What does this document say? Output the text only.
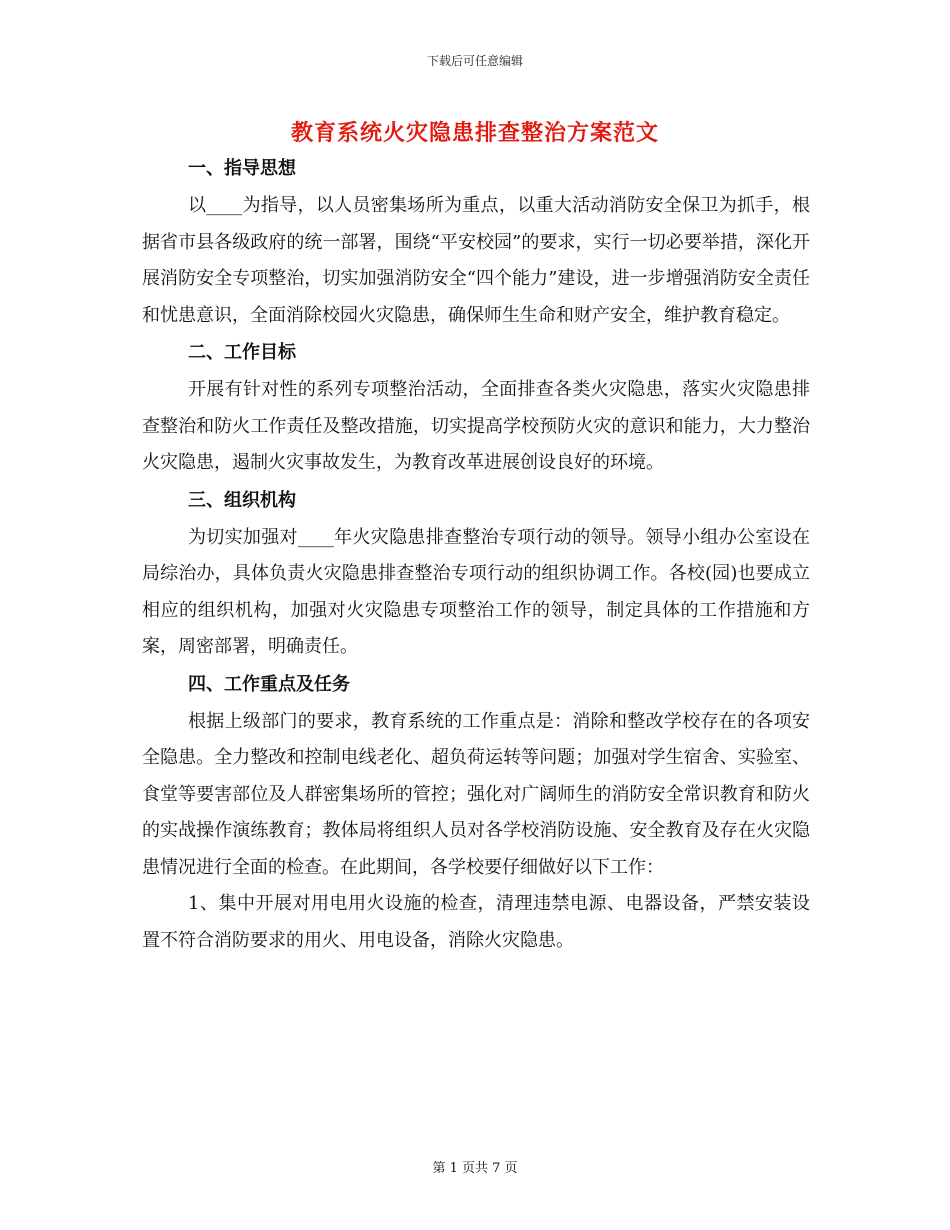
下载后可任意编辑
教育系统火灾隐患排查整治方案范文

一、指导思想

以____为指导，以人员密集场所为重点，以重大活动消防安全保卫为抓手，根据省市县各级政府的统一部署，围绕“平安校园”的要求，实行一切必要举措，深化开展消防安全专项整治，切实加强消防安全“四个能力”建设，进一步增强消防安全责任和忧患意识，全面消除校园火灾隐患，确保师生生命和财产安全，维护教育稳定。

二、工作目标

开展有针对性的系列专项整治活动，全面排查各类火灾隐患，落实火灾隐患排查整治和防火工作责任及整改措施，切实提高学校预防火灾的意识和能力，大力整治火灾隐患，遏制火灾事故发生，为教育改革进展创设良好的环境。

三、组织机构

为切实加强对____年火灾隐患排查整治专项行动的领导。领导小组办公室设在局综治办，具体负责火灾隐患排查整治专项行动的组织协调工作。各校(园)也要成立相应的组织机构，加强对火灾隐患专项整治工作的领导，制定具体的工作措施和方案，周密部署，明确责任。

四、工作重点及任务

根据上级部门的要求，教育系统的工作重点是：消除和整改学校存在的各项安全隐患。全力整改和控制电线老化、超负荷运转等问题；加强对学生宿舍、实验室、食堂等要害部位及人群密集场所的管控；强化对广阔师生的消防安全常识教育和防火的实战操作演练教育；教体局将组织人员对各学校消防设施、安全教育及存在火灾隐患情况进行全面的检查。在此期间，各学校要仔细做好以下工作：

1、集中开展对用电用火设施的检查，清理违禁电源、电器设备，严禁安装设置不符合消防要求的用火、用电设备，消除火灾隐患。

第 1 页共 7 页
